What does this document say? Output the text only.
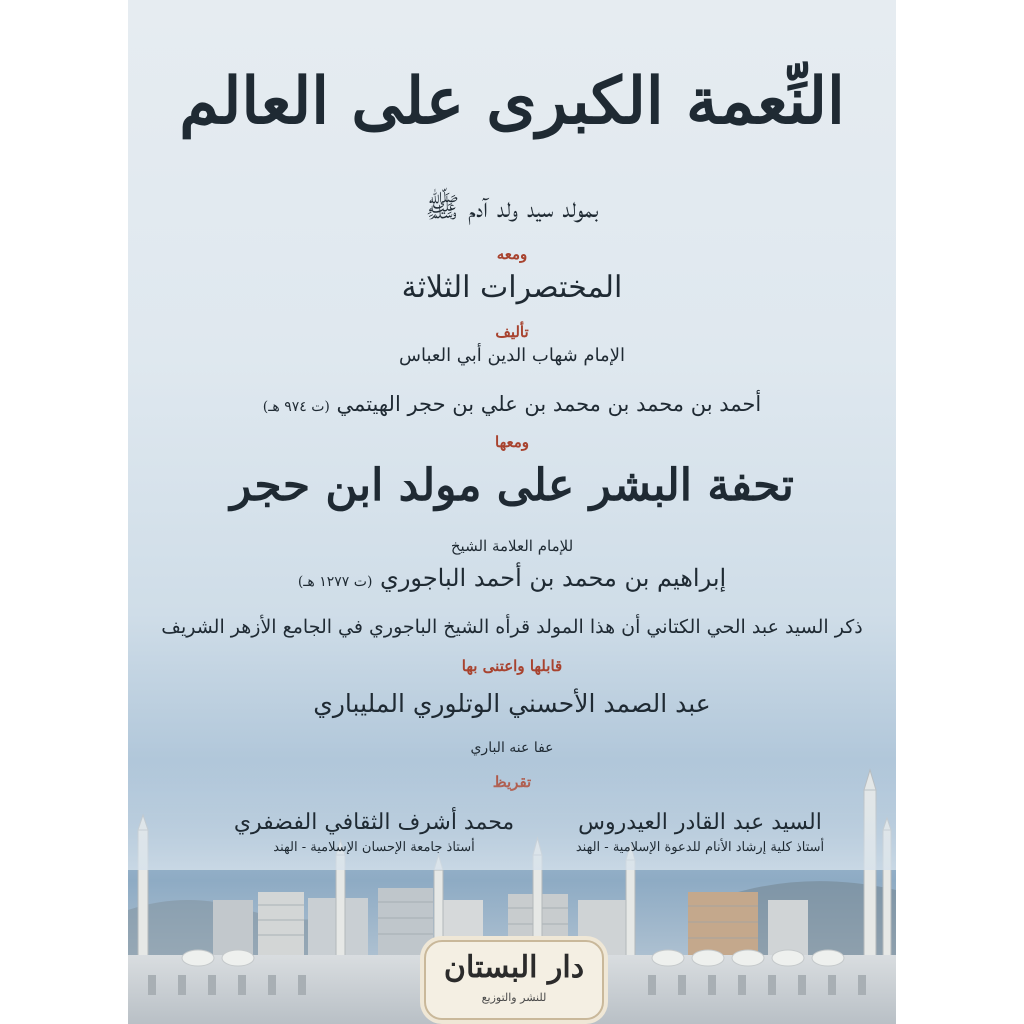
النِّعمة الكبرى على العالم
بمولد سيد ولد آدم ﷺ
ومعه
المختصرات الثلاثة
تأليف
الإمام شهاب الدين أبي العباس
أحمد بن محمد بن محمد بن علي بن حجر الهيتمي (ت ٩٧٤ هـ)
ومعها
تحفة البشر على مولد ابن حجر
للإمام العلامة الشيخ
إبراهيم بن محمد بن أحمد الباجوري (ت ١٢٧٧ هـ)
ذكر السيد عبد الحي الكتاني أن هذا المولد قرأه الشيخ الباجوري في الجامع الأزهر الشريف
قابلها واعتنى بها
عبد الصمد الأحسني الوتلوري المليباري
عفا عنه الباري
السيد عبد القادر العيدروس
أستاذ كلية إرشاد الأنام للدعوة الإسلامية - الهند
محمد أشرف الثقافي الفضفري
أستاذ جامعة الإحسان الإسلامية - الهند
دار البستان
للنشر والتوزيع
